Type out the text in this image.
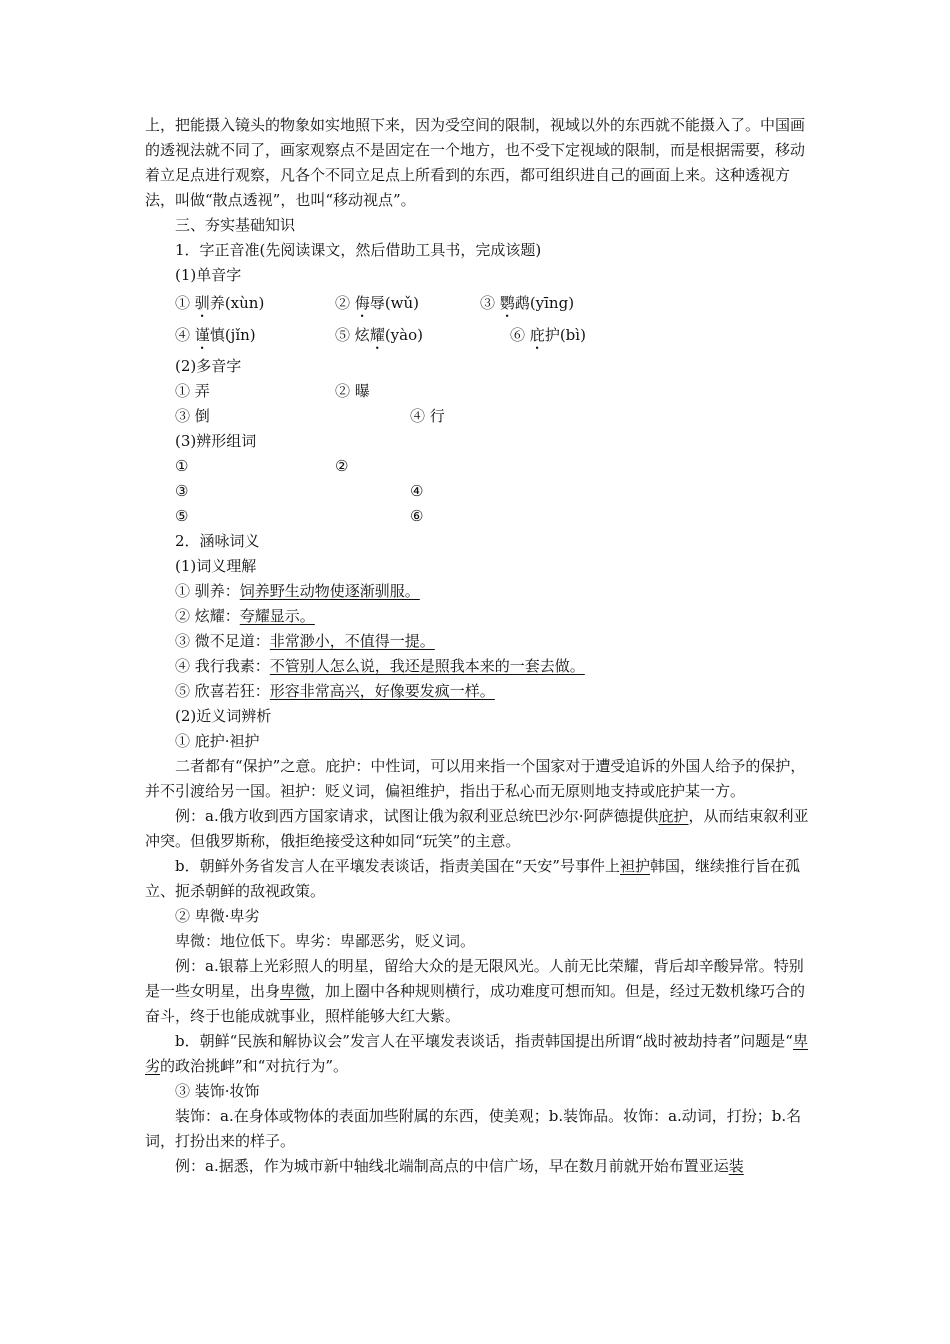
上，把能摄入镜头的物象如实地照下来，因为受空间的限制，视域以外的东西就不能摄入了。中国画的透视法就不同了，画家观察点不是固定在一个地方，也不受下定视域的限制，而是根据需要，移动着立足点进行观察，凡各个不同立足点上所看到的东西，都可组织进自己的画面上来。这种透视方法，叫做“散点透视”，也叫“移动视点”。

三、夯实基础知识

1．字正音准(先阅读课文，然后借助工具书，完成该题)

(1)单音字

① 驯养(xùn)	② 侮辱(wǔ)	③ 鹦鹉(yīng)
④ 谨慎(jǐn)	⑤ 炫耀(yào)	⑥ 庇护(bì)

(2)多音字

① 弄	② 曝
③ 倒	④ 行

(3)辨形组词

①	②
③	④
⑤	⑥

2．涵咏词义

(1)词义理解

① 驯养：饲养野生动物使逐渐驯服。

② 炫耀：夸耀显示。

③ 微不足道：非常渺小，不值得一提。

④ 我行我素：不管别人怎么说，我还是照我本来的一套去做。

⑤ 欣喜若狂：形容非常高兴，好像要发疯一样。

(2)近义词辨析

① 庇护·袒护

二者都有“保护”之意。庇护：中性词，可以用来指一个国家对于遭受追诉的外国人给予的保护，并不引渡给另一国。袒护：贬义词，偏袒维护，指出于私心而无原则地支持或庇护某一方。

例：a.俄方收到西方国家请求，试图让俄为叙利亚总统巴沙尔·阿萨德提供庇护，从而结束叙利亚冲突。但俄罗斯称，俄拒绝接受这种如同“玩笑”的主意。

b．朝鲜外务省发言人在平壤发表谈话，指责美国在“天安”号事件上袒护韩国，继续推行旨在孤立、扼杀朝鲜的敌视政策。

② 卑微·卑劣

卑微：地位低下。卑劣：卑鄙恶劣，贬义词。

例：a.银幕上光彩照人的明星，留给大众的是无限风光。人前无比荣耀，背后却辛酸异常。特别是一些女明星，出身卑微，加上圈中各种规则横行，成功难度可想而知。但是，经过无数机缘巧合的奋斗，终于也能成就事业，照样能够大红大紫。

b．朝鲜“民族和解协议会”发言人在平壤发表谈话，指责韩国提出所谓“战时被劫持者”问题是“卑劣的政治挑衅”和“对抗行为”。

③ 装饰·妆饰

装饰：a.在身体或物体的表面加些附属的东西，使美观；b.装饰品。妆饰：a.动词，打扮；b.名词，打扮出来的样子。

例：a.据悉，作为城市新中轴线北端制高点的中信广场，早在数月前就开始布置亚运装
